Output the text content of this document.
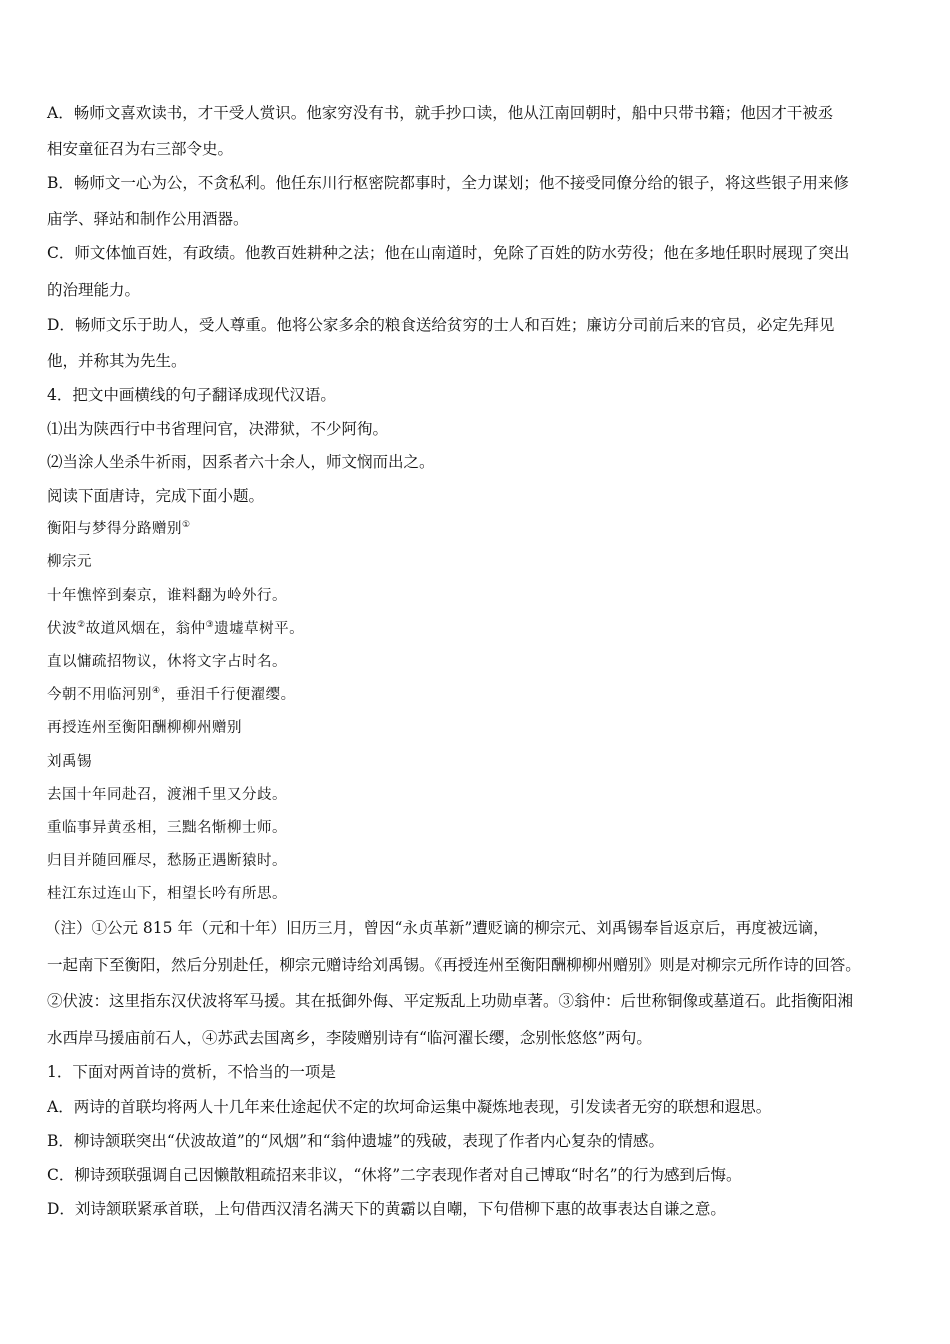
A．畅师文喜欢读书，才干受人赏识。他家穷没有书，就手抄口读，他从江南回朝时，船中只带书籍；他因才干被丞
相安童征召为右三部令史。
B．畅师文一心为公，不贪私利。他任东川行枢密院都事时，全力谋划；他不接受同僚分给的银子，将这些银子用来修
庙学、驿站和制作公用酒器。
C．师文体恤百姓，有政绩。他教百姓耕种之法；他在山南道时，免除了百姓的防水劳役；他在多地任职时展现了突出
的治理能力。
D．畅师文乐于助人，受人尊重。他将公家多余的粮食送给贫穷的士人和百姓；廉访分司前后来的官员，必定先拜见
他，并称其为先生。
4．把文中画横线的句子翻译成现代汉语。
⑴出为陕西行中书省理问官，决滞狱，不少阿徇。
⑵当涂人坐杀牛祈雨，因系者六十余人，师文悯而出之。
阅读下面唐诗，完成下面小题。
衡阳与梦得分路赠别①
柳宗元
十年憔悴到秦京，谁料翻为岭外行。
伏波②故道风烟在，翁仲③遗墟草树平。
直以慵疏招物议，休将文字占时名。
今朝不用临河别④，垂泪千行便濯缨。
再授连州至衡阳酬柳柳州赠别
刘禹锡
去国十年同赴召，渡湘千里又分歧。
重临事异黄丞相，三黜名惭柳士师。
归目并随回雁尽，愁肠正遇断猿时。
桂江东过连山下，相望长吟有所思。
（注）①公元 815 年（元和十年）旧历三月，曾因“永贞革新”遭贬谪的柳宗元、刘禹锡奉旨返京后，再度被远谪，
一起南下至衡阳，然后分别赴任，柳宗元赠诗给刘禹锡。《再授连州至衡阳酬柳柳州赠别》则是对柳宗元所作诗的回答。
②伏波：这里指东汉伏波将军马援。其在抵御外侮、平定叛乱上功勋卓著。③翁仲：后世称铜像或墓道石。此指衡阳湘
水西岸马援庙前石人，④苏武去国离乡，李陵赠别诗有“临河濯长缨，念别怅悠悠”两句。
1．下面对两首诗的赏析，不恰当的一项是
A．两诗的首联均将两人十几年来仕途起伏不定的坎坷命运集中凝炼地表现，引发读者无穷的联想和遐思。
B．柳诗颔联突出“伏波故道”的“风烟”和“翁仲遗墟”的残破，表现了作者内心复杂的情感。
C．柳诗颈联强调自己因懒散粗疏招来非议，“休将”二字表现作者对自己博取“时名”的行为感到后悔。
D．刘诗颔联紧承首联，上句借西汉清名满天下的黄霸以自嘲，下句借柳下惠的故事表达自谦之意。
